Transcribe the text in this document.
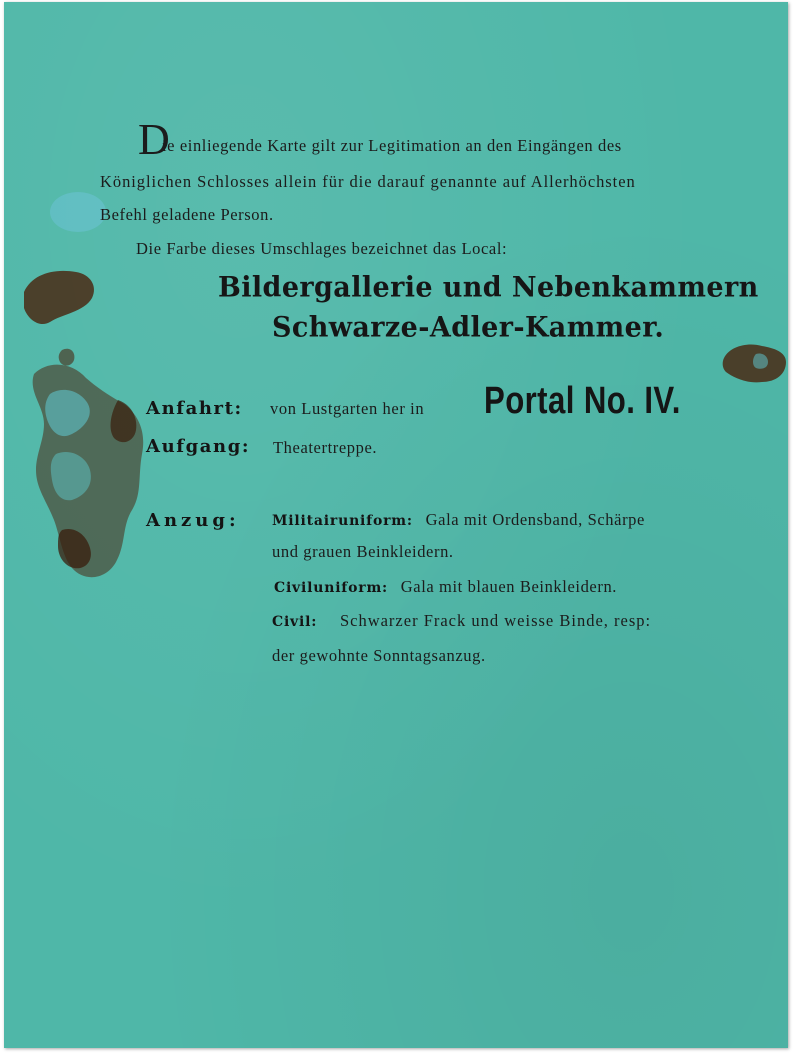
D
ie einliegende Karte gilt zur Legitimation an den Eingängen des
Königlichen Schlosses allein für die darauf genannte auf Allerhöchsten
Befehl geladene Person.
Die Farbe dieses Umschlages bezeichnet das Local:
Bildergallerie und Nebenkammern
Schwarze-Adler-Kammer.
Anfahrt: von Lustgarten her in Portal No. IV.
Aufgang: Theatertreppe.
Anzug: Militairuniform: Gala mit Ordensband, Schärpe
und grauen Beinkleidern.
Civiluniform: Gala mit blauen Beinkleidern.
Civil: Schwarzer Frack und weisse Binde, resp:
der gewohnte Sonntagsanzug.
